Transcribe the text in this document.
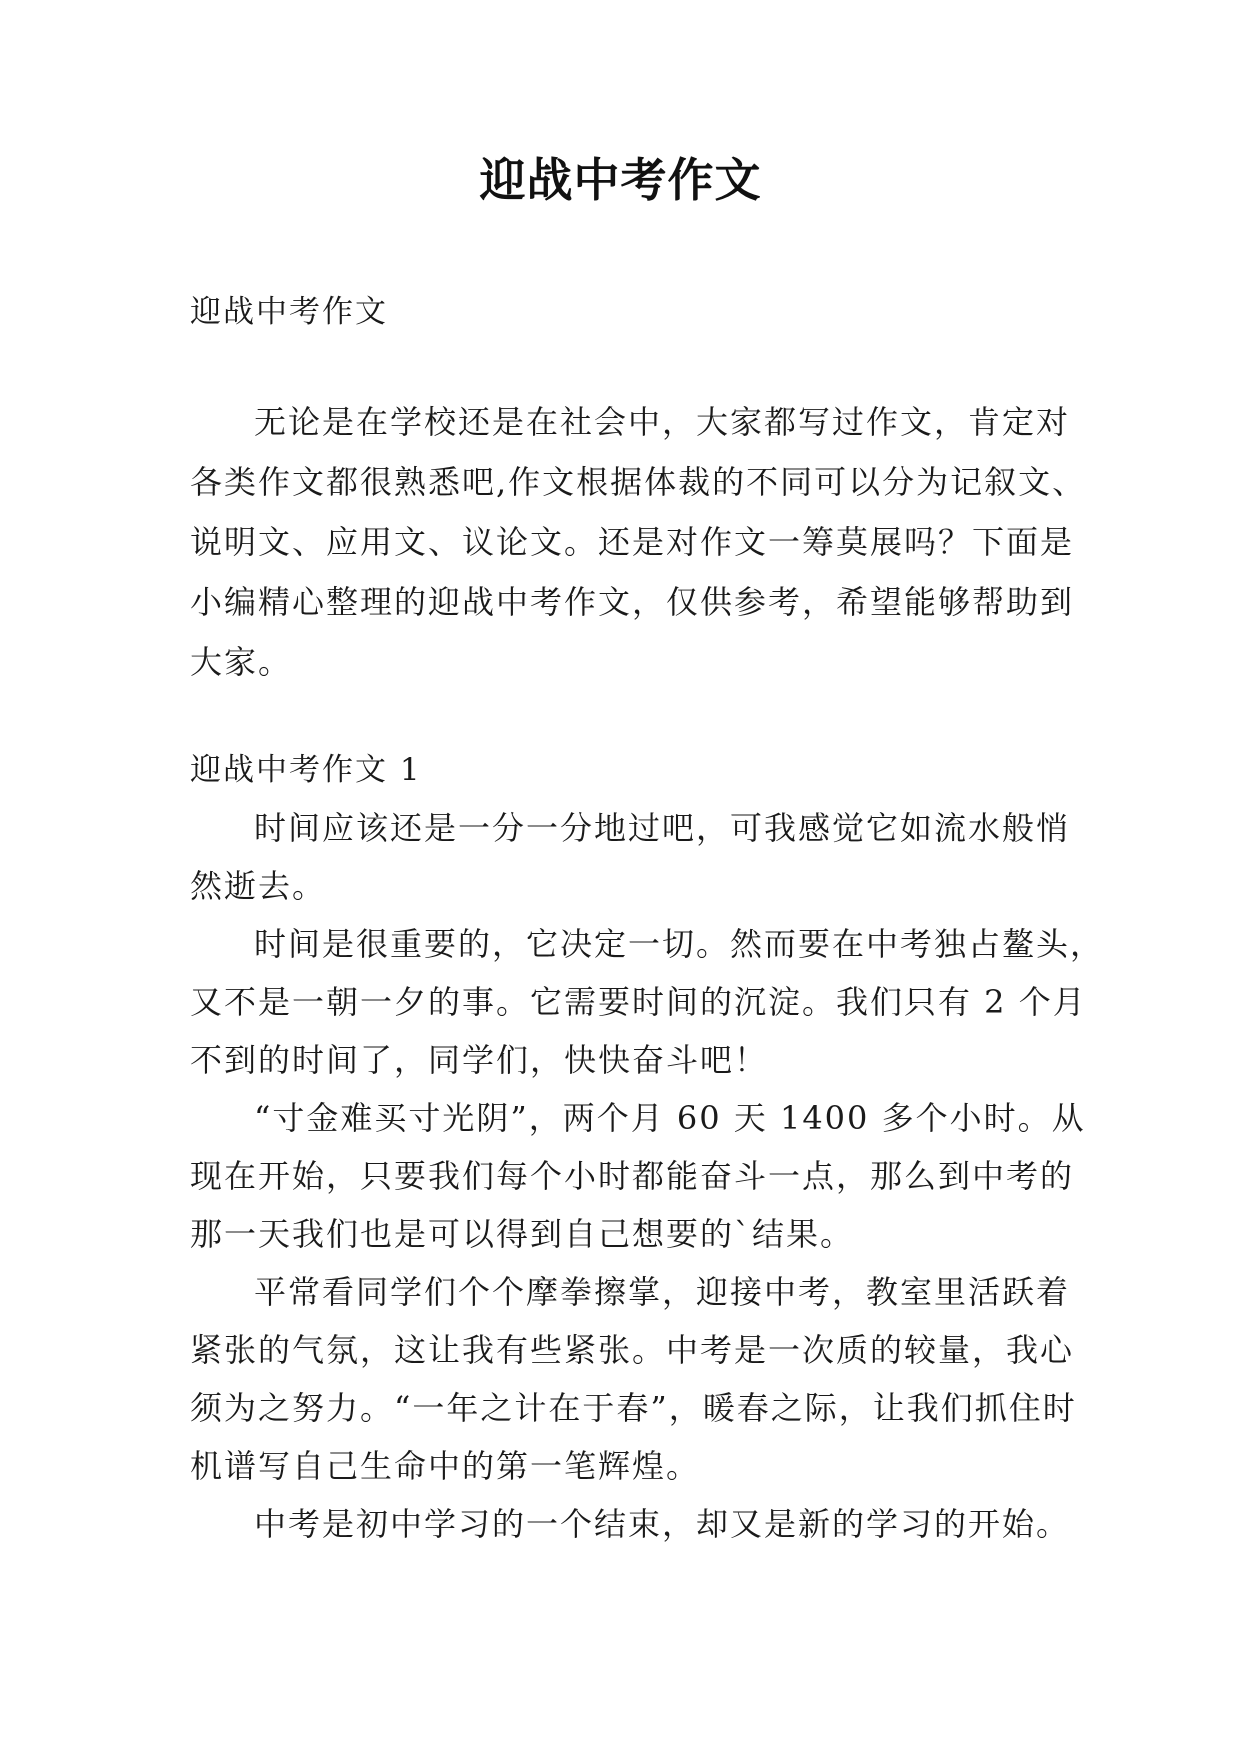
迎战中考作文
迎战中考作文
无论是在学校还是在社会中，大家都写过作文，肯定对
各类作文都很熟悉吧,作文根据体裁的不同可以分为记叙文、
说明文、应用文、议论文。还是对作文一筹莫展吗？下面是
小编精心整理的迎战中考作文，仅供参考，希望能够帮助到
大家。
迎战中考作文 1
时间应该还是一分一分地过吧，可我感觉它如流水般悄
然逝去。
时间是很重要的，它决定一切。然而要在中考独占鳌头，
又不是一朝一夕的事。它需要时间的沉淀。我们只有 2 个月
不到的时间了，同学们，快快奋斗吧！
“寸金难买寸光阴”，两个月 60 天 1400 多个小时。从
现在开始，只要我们每个小时都能奋斗一点，那么到中考的
那一天我们也是可以得到自己想要的`结果。
平常看同学们个个摩拳擦掌，迎接中考，教室里活跃着
紧张的气氛，这让我有些紧张。中考是一次质的较量，我心
须为之努力。“一年之计在于春”，暖春之际，让我们抓住时
机谱写自己生命中的第一笔辉煌。
中考是初中学习的一个结束，却又是新的学习的开始。
